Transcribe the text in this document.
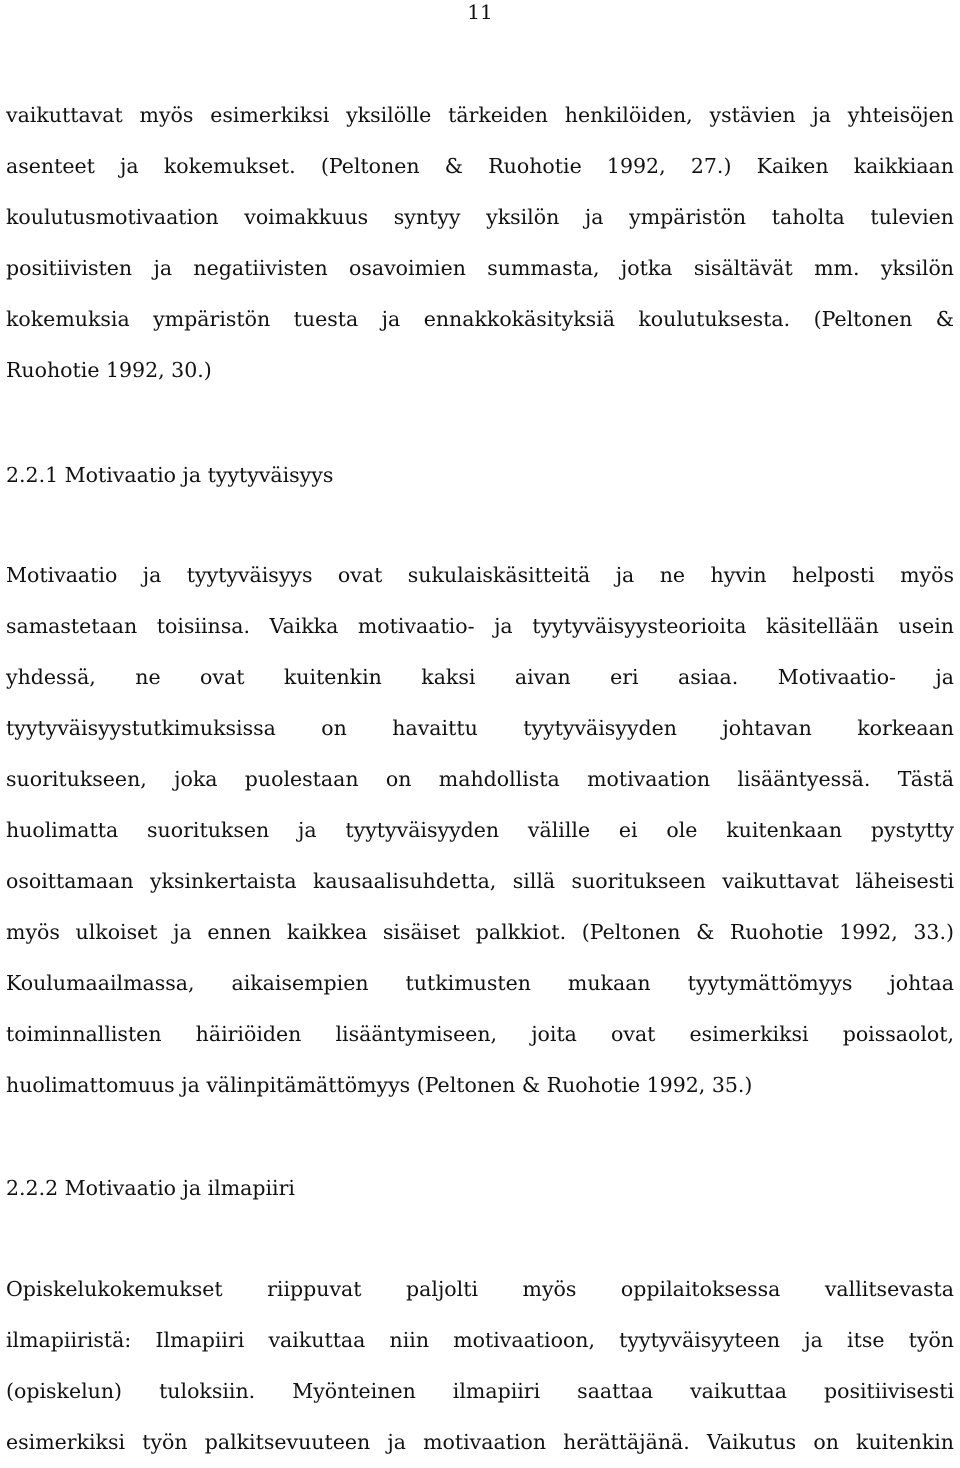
11
vaikuttavat myös esimerkiksi yksilölle tärkeiden henkilöiden, ystävien ja yhteisöjen
asenteet ja kokemukset. (Peltonen & Ruohotie 1992, 27.) Kaiken kaikkiaan
koulutusmotivaation voimakkuus syntyy yksilön ja ympäristön taholta tulevien
positiivisten ja negatiivisten osavoimien summasta, jotka sisältävät mm. yksilön
kokemuksia ympäristön tuesta ja ennakkokäsityksiä koulutuksesta. (Peltonen &
Ruohotie 1992, 30.)
2.2.1 Motivaatio ja tyytyväisyys
Motivaatio ja tyytyväisyys ovat sukulaiskäsitteitä ja ne hyvin helposti myös
samastetaan toisiinsa. Vaikka motivaatio- ja tyytyväisyysteorioita käsitellään usein
yhdessä, ne ovat kuitenkin kaksi aivan eri asiaa. Motivaatio- ja
tyytyväisyystutkimuksissa on havaittu tyytyväisyyden johtavan korkeaan
suoritukseen, joka puolestaan on mahdollista motivaation lisääntyessä. Tästä
huolimatta suorituksen ja tyytyväisyyden välille ei ole kuitenkaan pystytty
osoittamaan yksinkertaista kausaalisuhdetta, sillä suoritukseen vaikuttavat läheisesti
myös ulkoiset ja ennen kaikkea sisäiset palkkiot. (Peltonen & Ruohotie 1992, 33.)
Koulumaailmassa, aikaisempien tutkimusten mukaan tyytymättömyys johtaa
toiminnallisten häiriöiden lisääntymiseen, joita ovat esimerkiksi poissaolot,
huolimattomuus ja välinpitämättömyys (Peltonen & Ruohotie 1992, 35.)
2.2.2 Motivaatio ja ilmapiiri
Opiskelukokemukset riippuvat paljolti myös oppilaitoksessa vallitsevasta
ilmapiiristä: Ilmapiiri vaikuttaa niin motivaatioon, tyytyväisyyteen ja itse työn
(opiskelun) tuloksiin. Myönteinen ilmapiiri saattaa vaikuttaa positiivisesti
esimerkiksi työn palkitsevuuteen ja motivaation herättäjänä. Vaikutus on kuitenkin
